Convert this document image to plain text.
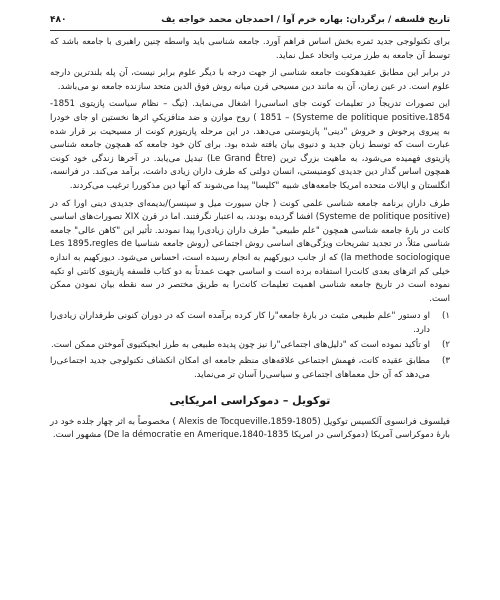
۴۸۰	تاریخ فلسفه / برگردان: بهاره خرم آوا / احمدجان محمد خواجه یف

برای تکنولوجی جدید ثمره بخش اساس فراهم آورد. جامعه شناسی باید واسطه چنین راهبری با جامعه باشد که توسط آن جامعه به طرز مرتب واتحاد عمل نماید.

در برابر این مطابق عقیدهکونت جامعه شناسی از جهت درجه با دیگر علوم برابر نیست، آن پله بلندترین دارجه علوم است. در عین زمان، آن به مانند دین مسیحی قرن میانه روش فوق الدین متحد سازنده جامعه نو می‌باشد.

این تصورات تدریجاً در تعلیمات کونت جای اساسی‌را اشغال می‌نماید. (تیگ – نظام سیاست پازیتوی 1851-1854،Systeme de politique positive) – 1851 ) روح موازن و ضد متافزیکیِ اثرها نخستین او جای خودرا به پیروی پرجوش و خروش "دینی" پازیتوستی می‌دهد. در این مرحله پازیتوزم کونت از مسیحیت بر قرار شده عبارت است که توسط زبان جدید و دنیوی بیان یافته شده بود. برای کان خود جامعه که همچون جامعه شناسی پازیتوی فهمیده می‌شود، به ماهیت بزرگ ترین (Le Grand Être) تبدیل می‌یابد. در آخرها زندگی خود کونت همچون اساس گذار دین جدیدی کومنیستی، انسان دولتی که طرف داران زیادی داشت، برآمد می‌کند. در فرانسه، انگلستان و ایالات متحده امریکا جامعه‌های شبیه "کلیسا" پیدا می‌شوند که آنها دین مذکوررا ترغیب می‌کردند.

طرف داران برنامه جامعه شناسی علمی کونت ( جان سیورت میل و سپنسر)/بدیمه‌ای جدیدی دینی اورا که در (Systeme de politique positive) افشا گردیده بودند، به اعتبار نگرفتند. اما در قرن XIX تصورات‌های اساسی کانت در بارهٔ جامعه شناسی همچون "علم طبیعی" طرف داران زیادی‌را پیدا نمودند. تأثیر این "کاهن عالی" جامعه شناسی مثلاً، در تجدید تشریحات ویژگی‌های اساسی روش اجتماعی (روش جامعه شناسیا Les 1895،regles de la methode sociologique) که از جانب دیورکهیم به انجام رسیده است، احساس می‌شود. دیورکهیم به اندازه خیلی کم اثرهای بعدی کانت‌را استفاده برده است و اساسی جهت عمدتاً به دو کتاب فلسفه پازیتوی کانتی او تکیه نموده است در تاریخ جامعه شناسی اهمیت تعلیمات کانت‌را به طریق مختصر در سه نقطه بیان نمودن ممکن است.

۱)
او دستور "علم طبیعی مثبت در بارهٔ جامعه"را کار کرده برآمده است که در دوران کنونی طرفداران زیادی‌را دارد.
۲)
او تأکید نموده است که "دلیل‌های اجتماعی"را نیز چون پدیده طبیعی به طرز ابجیکتیوی آموختن ممکن است.
۳)
مطابق عقیده کانت، فهمش اجتماعی علاقه‌های منظم جامعه ای امکان انکشاف تکنولوجی جدید اجتماعی‌را می‌دهد که آن حل معماهای اجتماعی و سیاسی‌را آسان تر می‌نماید.
توکویل – دموکراسی امریکایی

فیلسوف فرانسوی آلکسیس توکویل (1805-1859،Alexis de Tocqueville ) مخصوصاً به اثر چهار جلده خود در بارهٔ دموکراسی آمریکا (دموکراسی در امریکا 1835-1840،De la démocratie en Amerique) مشهور است.
